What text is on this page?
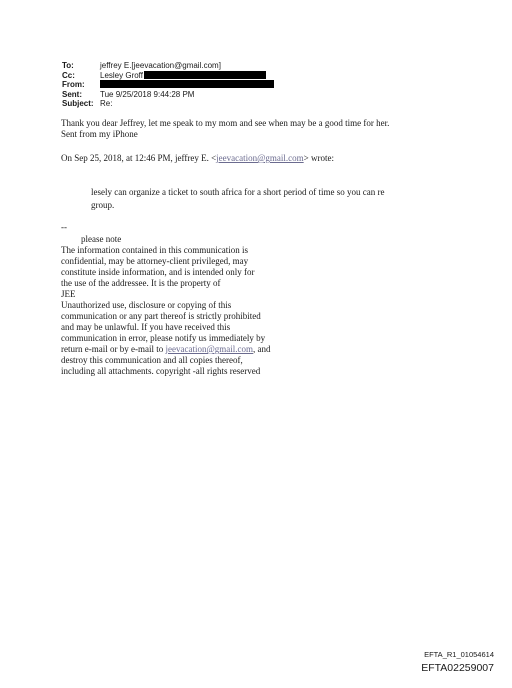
To:	jeffrey E.[jeevacation@gmail.com]
Cc:	Lesley Groff
From:
Sent: Tue 9/25/2018 9:44:28 PM
Subject: Re:
Thank you dear Jeffrey, let me speak to my mom and see when may be a good time for her.
Sent from my iPhone
On Sep 25, 2018, at 12:46 PM, jeffrey E. <jeevacation@gmail.com> wrote:
lesely can organize a ticket to south africa for a short period of time so you can re
group.
--
please note
The information contained in this communication is
confidential, may be attorney-client privileged, may
constitute inside information, and is intended only for
the use of the addressee. It is the property of
JEE
Unauthorized use, disclosure or copying of this
communication or any part thereof is strictly prohibited
and may be unlawful. If you have received this
communication in error, please notify us immediately by
return e-mail or by e-mail to jeevacation@gmail.com, and
destroy this communication and all copies thereof,
including all attachments. copyright -all rights reserved
EFTA_R1_01054614
EFTA02259007
